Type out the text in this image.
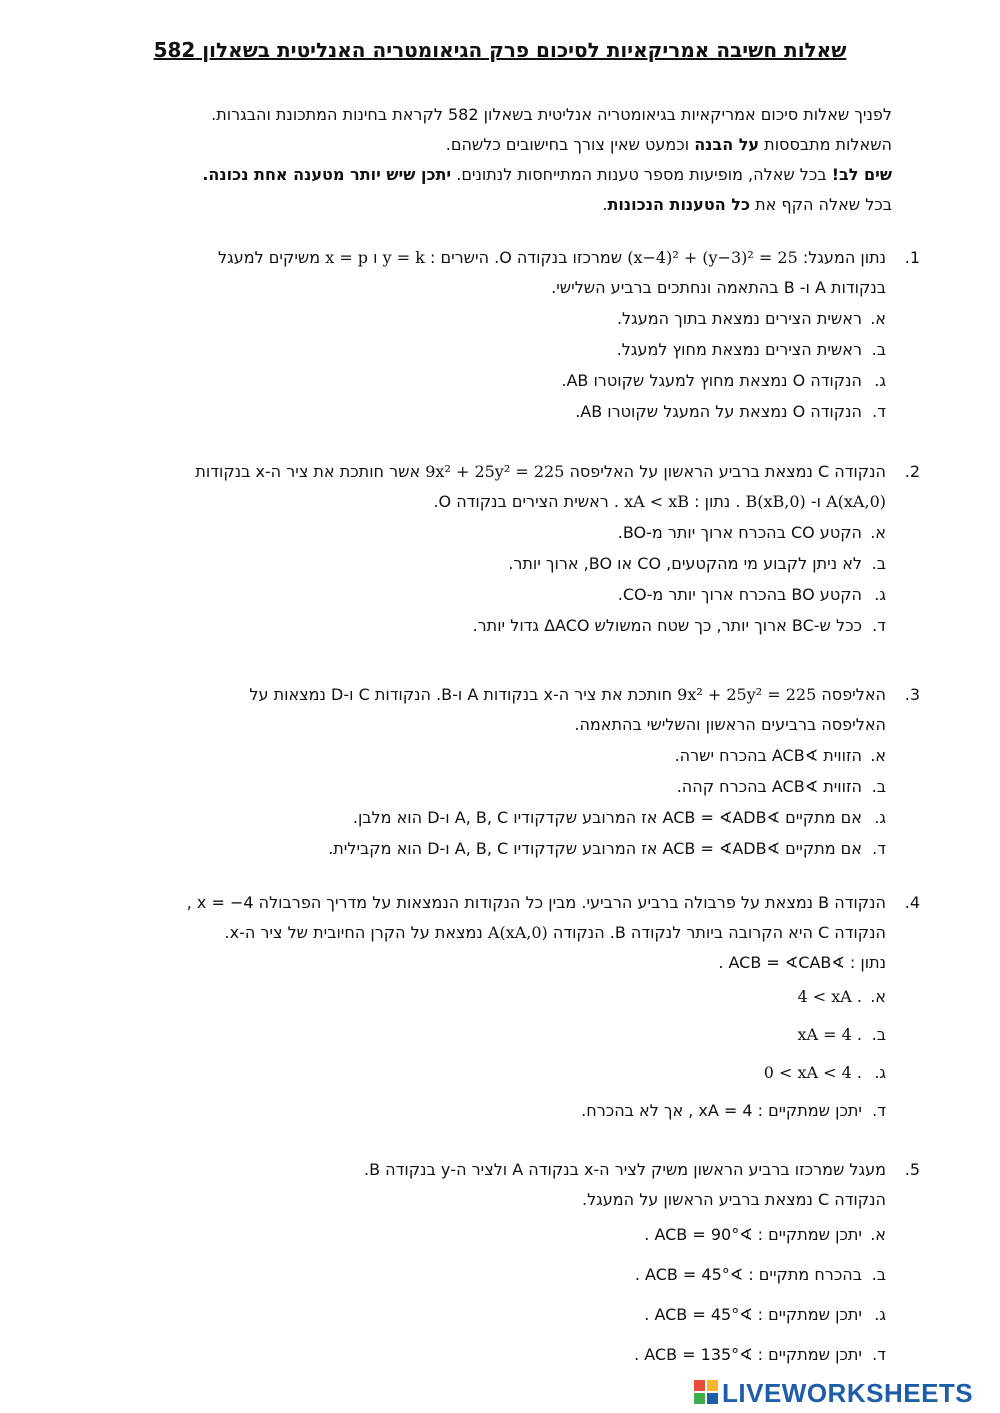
שאלות חשיבה אמריקאיות לסיכום פרק הגיאומטריה האנליטית בשאלון 582

לפניך שאלות סיכום אמריקאיות בגיאומטריה אנליטית בשאלון 582 לקראת בחינות המתכונת והבגרות.

השאלות מתבססות על הבנה וכמעט שאין צורך בחישובים כלשהם.

שים לב! בכל שאלה, מופיעות מספר טענות המתייחסות לנתונים. יתכן שיש יותר מטענה אחת נכונה.

בכל שאלה הקף את כל הטענות הנכונות.

1.
נתון המעגל: (x−4)² + (y−3)² = 25 שמרכזו בנקודה O. הישרים : y = k ו x = p משיקים למעגל
בנקודות A ו- B בהתאמה ונחתכים ברביע השלישי.
א.
ראשית הצירים נמצאת בתוך המעגל.
ב.
ראשית הצירים נמצאת מחוץ למעגל.
ג.
הנקודה O נמצאת מחוץ למעגל שקוטרו AB.
ד.
הנקודה O נמצאת על המעגל שקוטרו AB.
2.
הנקודה C נמצאת ברביע הראשון על האליפסה 9x² + 25y² = 225 אשר חותכת את ציר ה-x בנקודות
A(xA,0) ו- B(xB,0) . נתון : xA < xB . ראשית הצירים בנקודה O.
א.
הקטע CO בהכרח ארוך יותר מ-BO.
ב.
לא ניתן לקבוע מי מהקטעים, CO או BO, ארוך יותר.
ג.
הקטע BO בהכרח ארוך יותר מ-CO.
ד.
ככל ש-BC ארוך יותר, כך שטח המשולש ΔACO גדול יותר.
3.
האליפסה 9x² + 25y² = 225 חותכת את ציר ה-x בנקודות A ו-B. הנקודות C ו-D נמצאות על
האליפסה ברביעים הראשון והשלישי בהתאמה.
א.
הזווית ∢ACB בהכרח ישרה.
ב.
הזווית ∢ACB בהכרח קהה.
ג.
אם מתקיים ∢ACB = ∢ADB אז המרובע שקדקודיו A, B, C ו-D הוא מלבן.
ד.
אם מתקיים ∢ACB = ∢ADB אז המרובע שקדקודיו A, B, C ו-D הוא מקבילית.
4.
הנקודה B נמצאת על פרבולה ברביע הרביעי. מבין כל הנקודות הנמצאות על מדריך הפרבולה x = −4 ,
הנקודה C היא הקרובה ביותר לנקודה B. הנקודה A(xA,0) נמצאת על הקרן החיובית של ציר ה-x.
נתון : ∢ACB = ∢CAB .
א.
4 < xA .
ב.
xA = 4 .
ג.
0 < xA < 4 .
ד.
יתכן שמתקיים : xA = 4 , אך לא בהכרח.
5.
מעגל שמרכזו ברביע הראשון משיק לציר ה-x בנקודה A ולציר ה-y בנקודה B.
הנקודה C נמצאת ברביע הראשון על המעגל.
א.
יתכן שמתקיים : ∢ACB = 90° .
ב.
בהכרח מתקיים : ∢ACB = 45° .
ג.
יתכן שמתקיים : ∢ACB = 45° .
ד.
יתכן שמתקיים : ∢ACB = 135° .
LIVEWORKSHEETS
